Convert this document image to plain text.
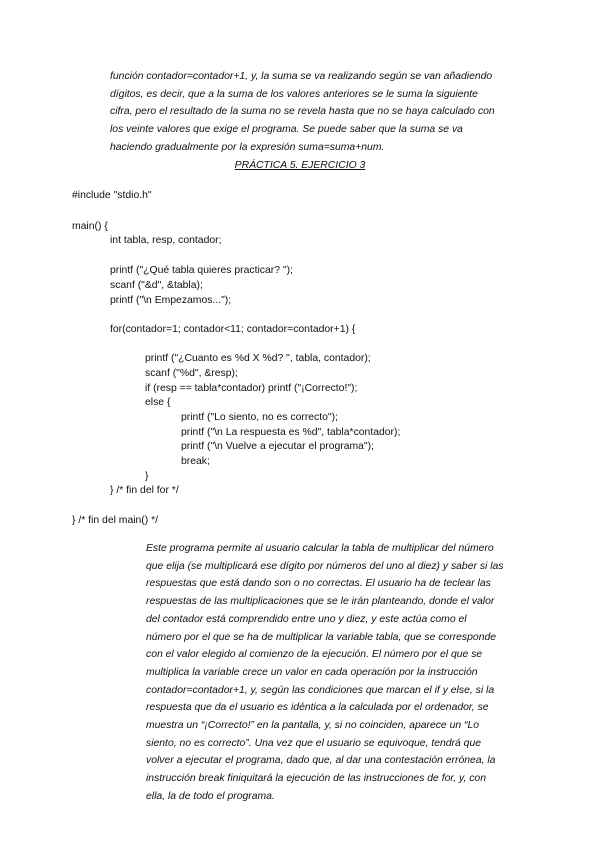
función contador=contador+1, y, la suma se va realizando según se van añadiendo
dígitos, es decir, que a la suma de los valores anteriores se le suma la siguiente
cifra, pero el resultado de la suma no se revela hasta que no se haya calculado con
los veinte valores que exige el programa. Se puede saber que la suma se va
haciendo gradualmente por la expresión suma=suma+num.
PRÁCTICA 5. EJERCICIO 3
#include "stdio.h"
main() {
int tabla, resp, contador;
printf ("¿Qué tabla quieres practicar? ");
scanf ("&d", &tabla);
printf ("\n Empezamos...");
for(contador=1; contador<11; contador=contador+1) {
printf ("¿Cuanto es %d X %d? ", tabla, contador);
scanf ("%d", &resp);
if (resp == tabla*contador) printf ("¡Correcto!");
else {
printf ("Lo siento, no es correcto");
printf ("\n La respuesta es %d", tabla*contador);
printf ("\n Vuelve a ejecutar el programa");
break;
}
} /* fin del for */
} /* fin del main() */
Este programa permite al usuario calcular la tabla de multiplicar del número
que elija (se multiplicará ese dígito por números del uno al diez) y saber si las
respuestas que está dando son o no correctas. El usuario ha de teclear las
respuestas de las multiplicaciones que se le irán planteando, donde el valor
del contador está comprendido entre uno y diez, y este actúa como el
número por el que se ha de multiplicar la variable tabla, que se corresponde
con el valor elegido al comienzo de la ejecución. El número por el que se
multiplica la variable crece un valor en cada operación por la instrucción
contador=contador+1, y, según las condiciones que marcan el if y else, si la
respuesta que da el usuario es idéntica a la calculada por el ordenador, se
muestra un “¡Correcto!” en la pantalla, y, si no coinciden, aparece un “Lo
siento, no es correcto”. Una vez que el usuario se equivoque, tendrá que
volver a ejecutar el programa, dado que, al dar una contestación errónea, la
instrucción break finiquitará la ejecución de las instrucciones de for, y, con
ella, la de todo el programa.
